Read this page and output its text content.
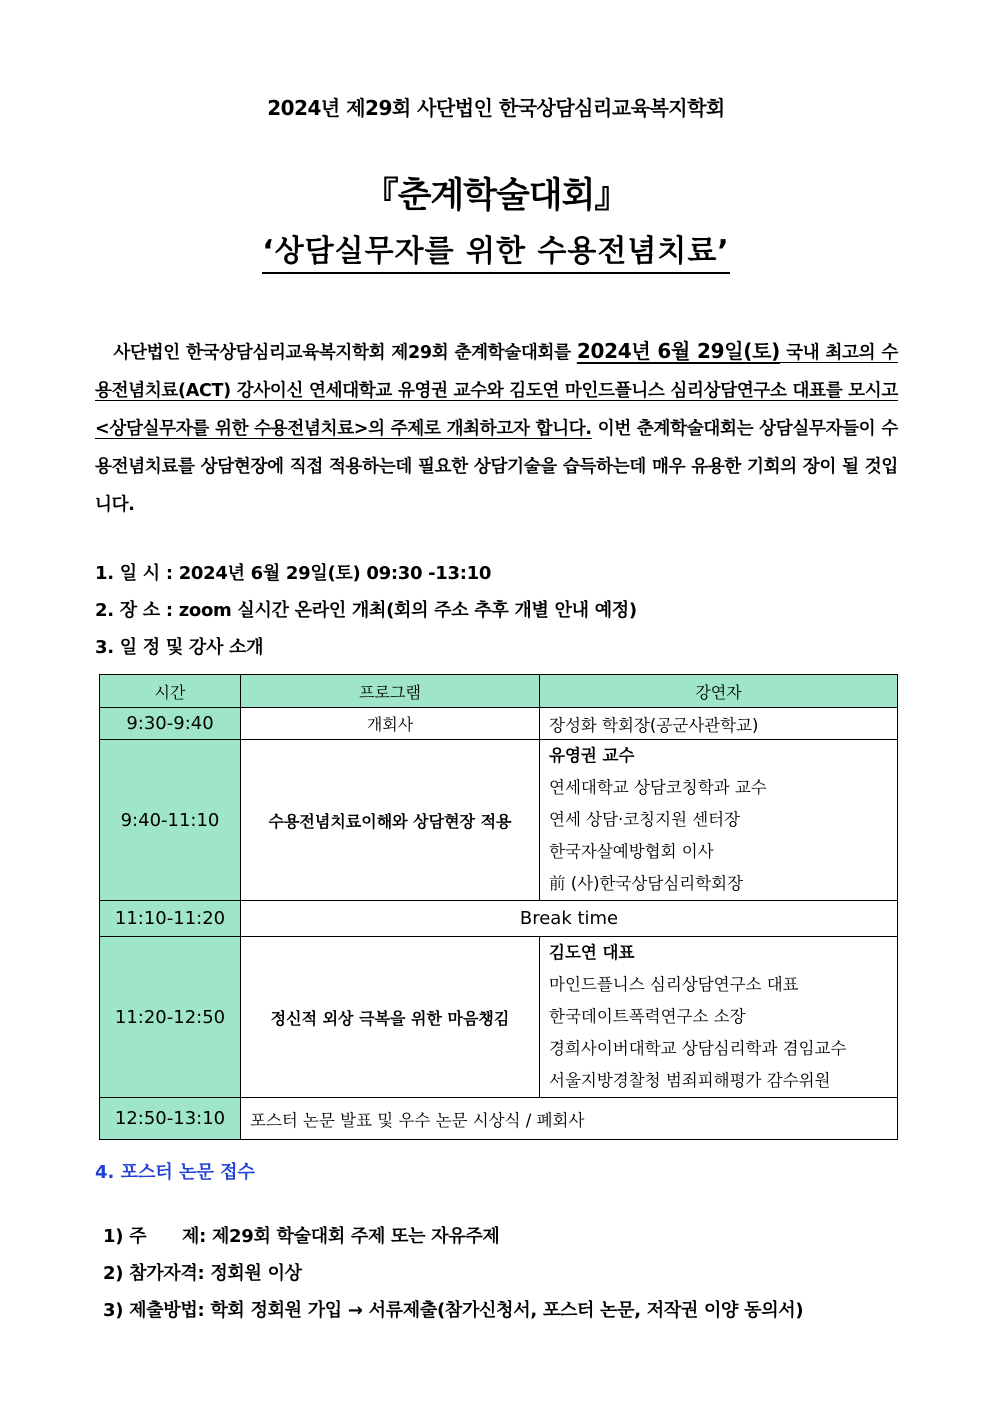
2024년 제29회 사단법인 한국상담심리교육복지학회
『춘계학술대회』
‘상담실무자를 위한 수용전념치료’
사단법인 한국상담심리교육복지학회 제29회 춘계학술대회를 2024년 6월 29일(토) 국내 최고의 수용전념치료(ACT) 강사이신 연세대학교 유영권 교수와 김도연 마인드플니스 심리상담연구소 대표를 모시고 <상담실무자를 위한 수용전념치료>의 주제로 개최하고자 합니다. 이번 춘계학술대회는 상담실무자들이 수용전념치료를 상담현장에 직접 적용하는데 필요한 상담기술을 습득하는데 매우 유용한 기회의 장이 될 것입니다.
1. 일 시 : 2024년 6월 29일(토) 09:30 -13:10
2. 장 소 : zoom 실시간 온라인 개최(회의 주소 추후 개별 안내 예정)
3. 일 정 및 강사 소개
시간	프로그램	강연자
9:30-9:40	개회사	장성화 학회장(공군사관학교)
9:40-11:10	수용전념치료이해와 상담현장 적용	유영권 교수
연세대학교 상담코칭학과 교수
연세 상담·코칭지원 센터장
한국자살예방협회 이사
前 (사)한국상담심리학회장

11:10-11:20	Break time	
11:20-12:50	정신적 외상 극복을 위한 마음챙김	김도연 대표
마인드플니스 심리상담연구소 대표
한국데이트폭력연구소 소장
경희사이버대학교 상담심리학과 겸임교수
서울지방경찰청 범죄피해평가 감수위원

12:50-13:10	포스터 논문 발표 및 우수 논문 시상식 / 폐회사	
4. 포스터 논문 접수
1) 주      제: 제29회 학술대회 주제 또는 자유주제
2) 참가자격: 정회원 이상
3) 제출방법: 학회 정회원 가입 → 서류제출(참가신청서, 포스터 논문, 저작권 이양 동의서)
